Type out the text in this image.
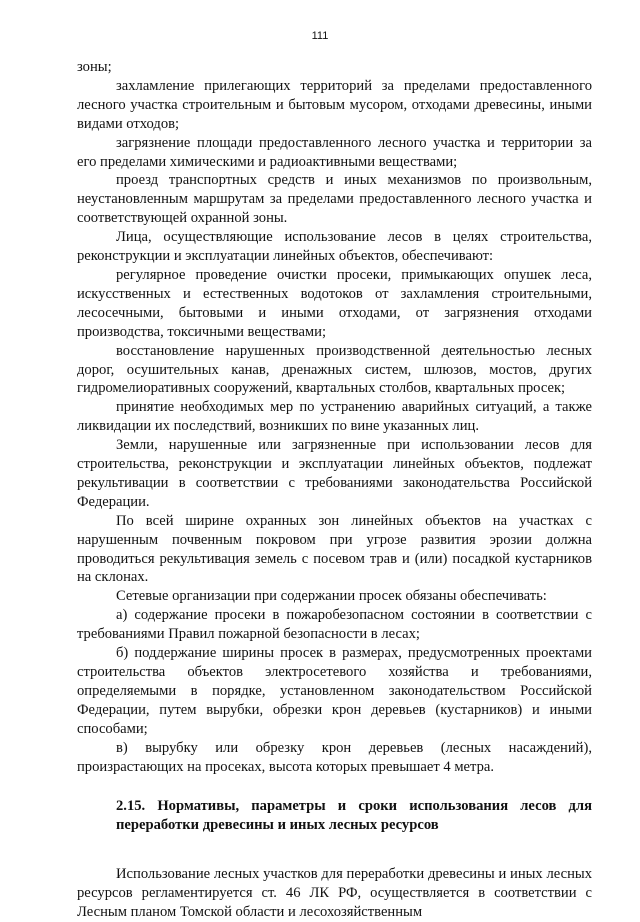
111

зоны;

захламление прилегающих территорий за пределами предоставленного лесного участка строительным и бытовым мусором, отходами древесины, иными видами отходов;

загрязнение площади предоставленного лесного участка и территории за его пределами химическими и радиоактивными веществами;

проезд транспортных средств и иных механизмов по произвольным, неустановленным маршрутам за пределами предоставленного лесного участка и соответствующей охранной зоны.

Лица, осуществляющие использование лесов в целях строительства, реконструкции и эксплуатации линейных объектов, обеспечивают:

регулярное проведение очистки просеки, примыкающих опушек леса, искусственных и естественных водотоков от захламления строительными, лесосечными, бытовыми и иными отходами, от загрязнения отходами производства, токсичными веществами;

восстановление нарушенных производственной деятельностью лесных дорог, осушительных канав, дренажных систем, шлюзов, мостов, других гидромелиоративных сооружений, квартальных столбов, квартальных просек;

принятие необходимых мер по устранению аварийных ситуаций, а также ликвидации их последствий, возникших по вине указанных лиц.

Земли, нарушенные или загрязненные при использовании лесов для строительства, реконструкции и эксплуатации линейных объектов, подлежат рекультивации в соответствии с требованиями законодательства Российской Федерации.

По всей ширине охранных зон линейных объектов на участках с нарушенным почвенным покровом при угрозе развития эрозии должна проводиться рекультивация земель с посевом трав и (или) посадкой кустарников на склонах.

Сетевые организации при содержании просек обязаны обеспечивать:

а) содержание просеки в пожаробезопасном состоянии в соответствии с требованиями Правил пожарной безопасности в лесах;

б) поддержание ширины просек в размерах, предусмотренных проектами строительства объектов электросетевого хозяйства и требованиями, определяемыми в порядке, установленном законодательством Российской Федерации, путем вырубки, обрезки крон деревьев (кустарников) и иными способами;

в) вырубку или обрезку крон деревьев (лесных насаждений), произрастающих на просеках, высота которых превышает 4 метра.

2.15. Нормативы, параметры и сроки использования лесов для переработки древесины и иных лесных ресурсов

Использование лесных участков для переработки древесины и иных лесных ресурсов регламентируется ст. 46 ЛК РФ, осуществляется в соответствии с Лесным планом Томской области и лесохозяйственным
